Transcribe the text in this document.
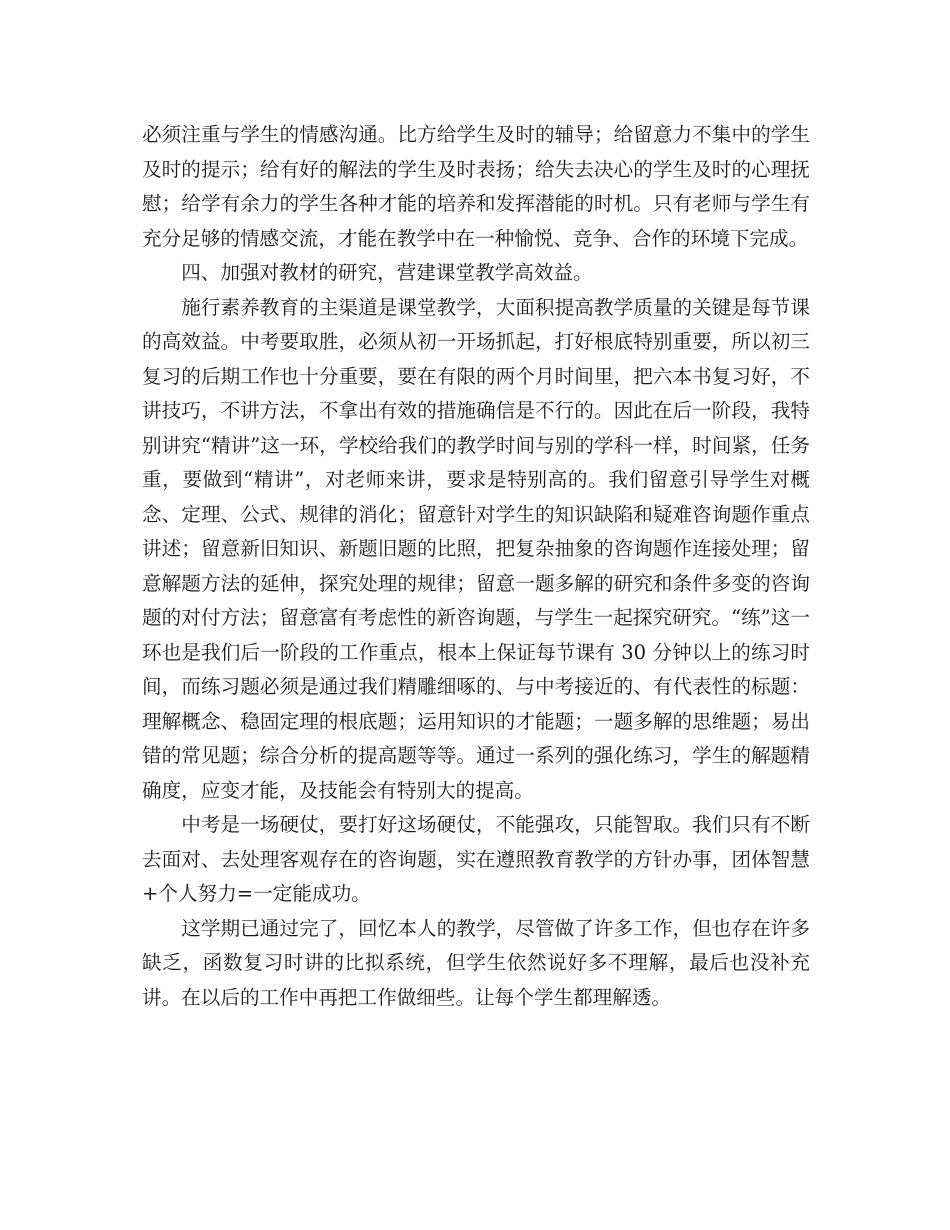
必须注重与学生的情感沟通。比方给学生及时的辅导；给留意力不集中的学生及时的提示；给有好的解法的学生及时表扬；给失去决心的学生及时的心理抚慰；给学有余力的学生各种才能的培养和发挥潜能的时机。只有老师与学生有充分足够的情感交流，才能在教学中在一种愉悦、竞争、合作的环境下完成。

四、加强对教材的研究，营建课堂教学高效益。

施行素养教育的主渠道是课堂教学，大面积提高教学质量的关键是每节课的高效益。中考要取胜，必须从初一开场抓起，打好根底特别重要，所以初三复习的后期工作也十分重要，要在有限的两个月时间里，把六本书复习好，不讲技巧，不讲方法，不拿出有效的措施确信是不行的。因此在后一阶段，我特别讲究“精讲”这一环，学校给我们的教学时间与别的学科一样，时间紧，任务重，要做到“精讲”，对老师来讲，要求是特别高的。我们留意引导学生对概念、定理、公式、规律的消化；留意针对学生的知识缺陷和疑难咨询题作重点讲述；留意新旧知识、新题旧题的比照，把复杂抽象的咨询题作连接处理；留意解题方法的延伸，探究处理的规律；留意一题多解的研究和条件多变的咨询题的对付方法；留意富有考虑性的新咨询题，与学生一起探究研究。“练”这一环也是我们后一阶段的工作重点，根本上保证每节课有 30 分钟以上的练习时间，而练习题必须是通过我们精雕细啄的、与中考接近的、有代表性的标题：理解概念、稳固定理的根底题；运用知识的才能题；一题多解的思维题；易出错的常见题；综合分析的提高题等等。通过一系列的强化练习，学生的解题精确度，应变才能，及技能会有特别大的提高。

中考是一场硬仗，要打好这场硬仗，不能强攻，只能智取。我们只有不断去面对、去处理客观存在的咨询题，实在遵照教育教学的方针办事，团体智慧+个人努力=一定能成功。

这学期已通过完了，回忆本人的教学，尽管做了许多工作，但也存在许多缺乏，函数复习时讲的比拟系统，但学生依然说好多不理解，最后也没补充讲。在以后的工作中再把工作做细些。让每个学生都理解透。
